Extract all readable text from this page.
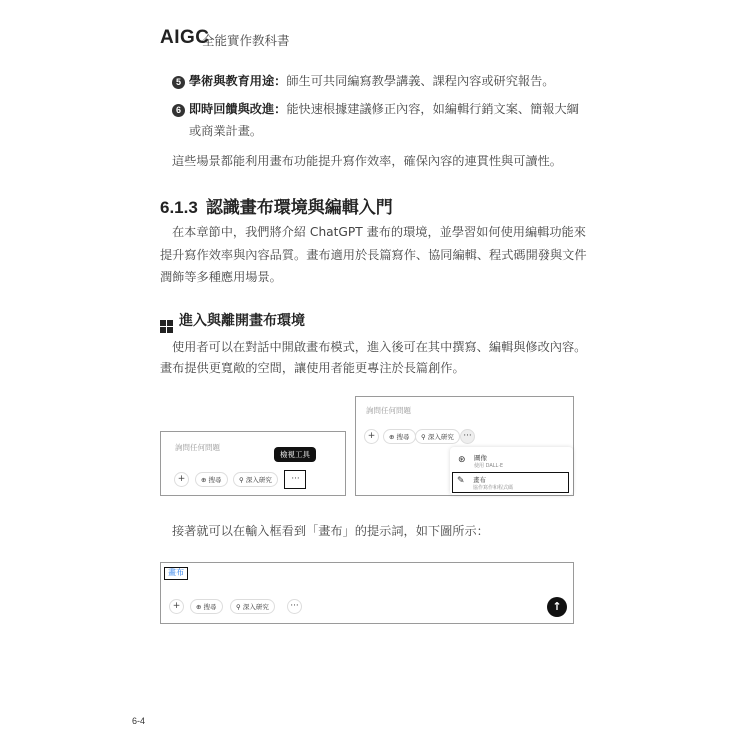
AIGC
全能實作教科書
5 學術與教育用途：師生可共同編寫教學講義、課程內容或研究報告。
6 即時回饋與改進：能快速根據建議修正內容，如編輯行銷文案、簡報大綱
或商業計畫。
這些場景都能利用畫布功能提升寫作效率，確保內容的連貫性與可讀性。
6.1.3 認識畫布環境與編輯入門
在本章節中，我們將介紹 ChatGPT 畫布的環境，並學習如何使用編輯功能來
提升寫作效率與內容品質。畫布適用於長篇寫作、協同編輯、程式碼開發與文件
潤飾等多種應用場景。
進入與離開畫布環境
使用者可以在對話中開啟畫布模式，進入後可在其中撰寫、編輯與修改內容。
畫布提供更寬敞的空間，讓使用者能更專注於長篇創作。
詢問任何問題
+	⊕ 搜尋	⚲ 深入研究
檢視工具
···
詢問任何問題
+	⊕ 搜尋	⚲ 深入研究	···
⊛ 圖像
使用 DALL·E
✎ 畫布
協作寫作和程式碼
接著就可以在輸入框看到「畫布」的提示詞，如下圖所示：
畫布
+	⊕ 搜尋	⚲ 深入研究	···	↑
6-4
